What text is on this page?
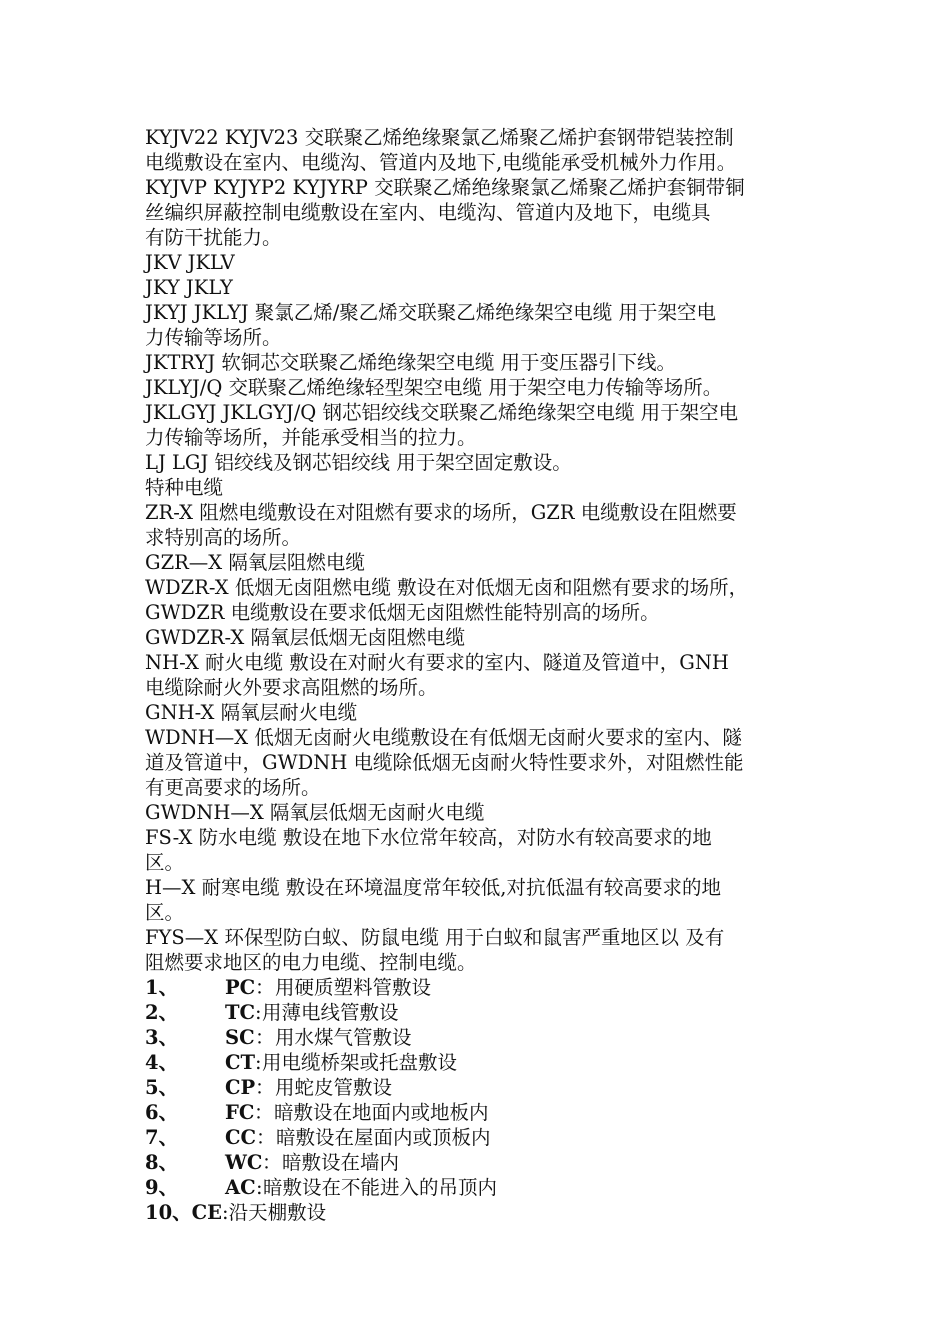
KYJV22 KYJV23 交联聚乙烯绝缘聚氯乙烯聚乙烯护套钢带铠装控制
电缆敷设在室内、电缆沟、管道内及地下,电缆能承受机械外力作用。
KYJVP KYJYP2 KYJYRP 交联聚乙烯绝缘聚氯乙烯聚乙烯护套铜带铜
丝编织屏蔽控制电缆敷设在室内、电缆沟、管道内及地下，电缆具
有防干扰能力。
JKV JKLV
JKY JKLY
JKYJ JKLYJ 聚氯乙烯/聚乙烯交联聚乙烯绝缘架空电缆 用于架空电
力传输等场所。
JKTRYJ 软铜芯交联聚乙烯绝缘架空电缆 用于变压器引下线。
JKLYJ/Q 交联聚乙烯绝缘轻型架空电缆 用于架空电力传输等场所。
JKLGYJ JKLGYJ/Q 钢芯铝绞线交联聚乙烯绝缘架空电缆 用于架空电
力传输等场所，并能承受相当的拉力。
LJ LGJ 铝绞线及钢芯铝绞线 用于架空固定敷设。
特种电缆
ZR-X 阻燃电缆敷设在对阻燃有要求的场所，GZR 电缆敷设在阻燃要
求特别高的场所。
GZR—X 隔氧层阻燃电缆
WDZR-X 低烟无卤阻燃电缆 敷设在对低烟无卤和阻燃有要求的场所，
GWDZR 电缆敷设在要求低烟无卤阻燃性能特别高的场所。
GWDZR-X 隔氧层低烟无卤阻燃电缆
NH-X 耐火电缆 敷设在对耐火有要求的室内、隧道及管道中，GNH
电缆除耐火外要求高阻燃的场所。
GNH-X 隔氧层耐火电缆
WDNH—X 低烟无卤耐火电缆敷设在有低烟无卤耐火要求的室内、隧
道及管道中，GWDNH 电缆除低烟无卤耐火特性要求外，对阻燃性能
有更高要求的场所。
GWDNH—X 隔氧层低烟无卤耐火电缆
FS-X 防水电缆 敷设在地下水位常年较高，对防水有较高要求的地
区。
H—X 耐寒电缆 敷设在环境温度常年较低,对抗低温有较高要求的地
区。
FYS—X 环保型防白蚁、防鼠电缆 用于白蚁和鼠害严重地区以 及有
阻燃要求地区的电力电缆、控制电缆。
1、 PC ： 用硬质塑料管敷设
2、 TC : 用薄电线管敷设
3、 SC ： 用水煤气管敷设
4、 CT : 用电缆桥架或托盘敷设
5、 CP ： 用蛇皮管敷设
6、 FC ： 暗敷设在地面内或地板内
7、 CC ： 暗敷设在屋面内或顶板内
8、 WC ： 暗敷设在墙内
9、 AC : 暗敷设在不能进入的吊顶内
10、CE:沿天棚敷设
